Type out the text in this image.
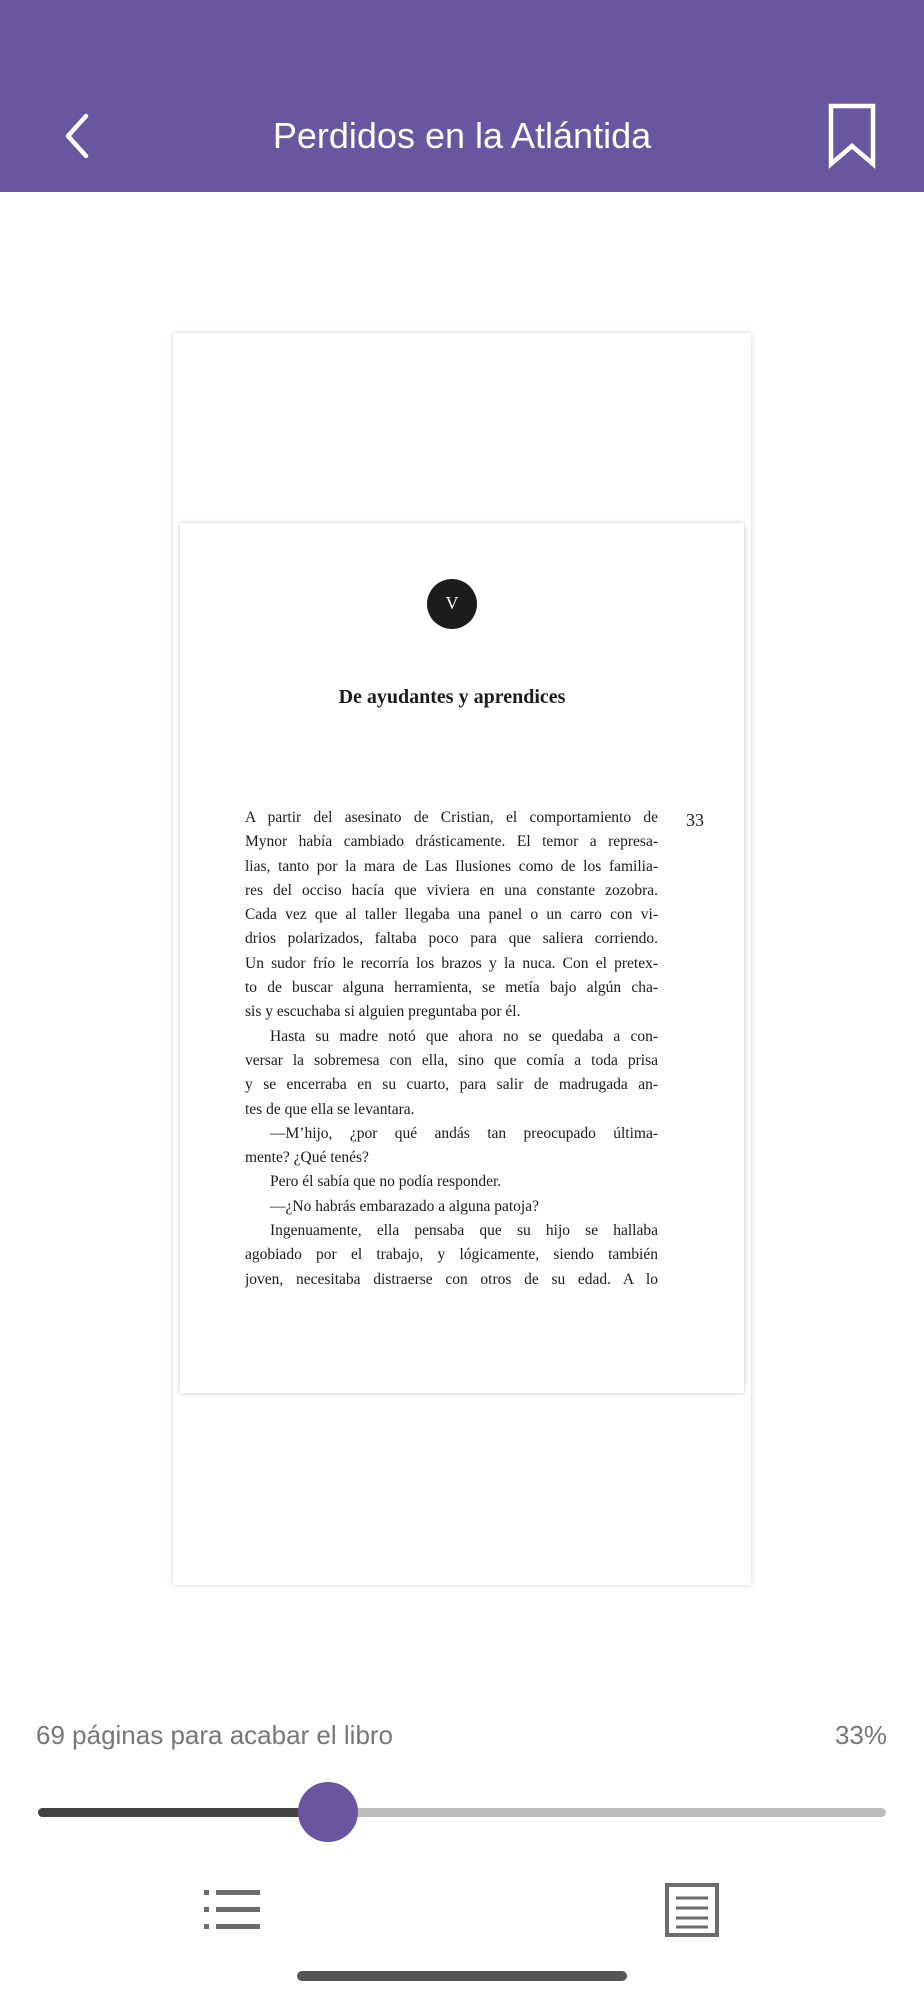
Perdidos en la Atlántida
V
De ayudantes y aprendices
33
A partir del asesinato de Cristian, el comportamiento de
Mynor había cambiado drásticamente. El temor a represa-
lias, tanto por la mara de Las Ilusiones como de los familia-
res del occiso hacía que viviera en una constante zozobra.
Cada vez que al taller llegaba una panel o un carro con vi-
drios polarizados, faltaba poco para que saliera corriendo.
Un sudor frío le recorría los brazos y la nuca. Con el pretex-
to de buscar alguna herramienta, se metía bajo algún cha-
sis y escuchaba si alguien preguntaba por él.
Hasta su madre notó que ahora no se quedaba a con-
versar la sobremesa con ella, sino que comía a toda prisa
y se encerraba en su cuarto, para salir de madrugada an-
tes de que ella se levantara.
—M’hijo, ¿por qué andás tan preocupado última-
mente? ¿Qué tenés?
Pero él sabía que no podía responder.
—¿No habrás embarazado a alguna patoja?
Ingenuamente, ella pensaba que su hijo se hallaba
agobiado por el trabajo, y lógicamente, siendo también
joven, necesitaba distraerse con otros de su edad. A lo
69 páginas para acabar el libro	33%
